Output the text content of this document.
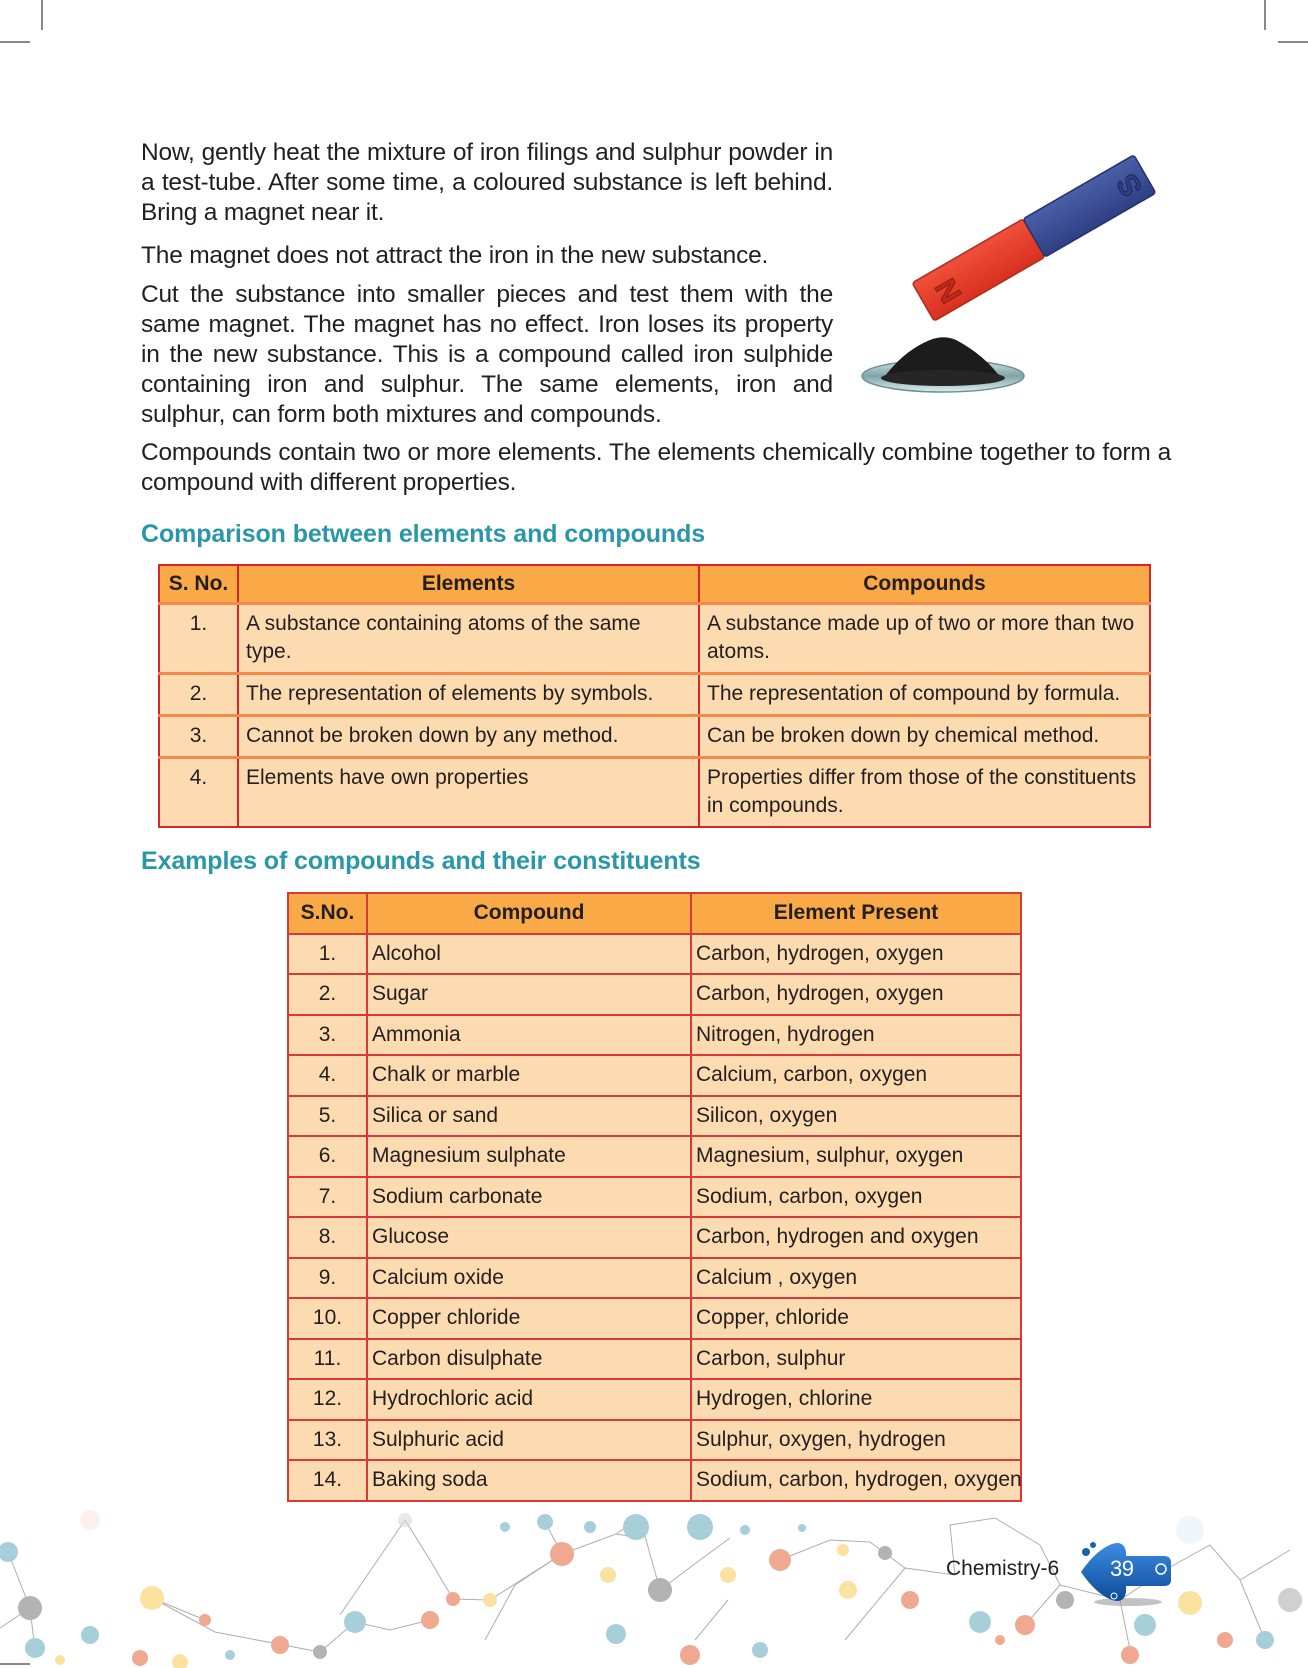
Now, gently heat the mixture of iron filings and sulphur powder in a test-tube. After some time, a coloured substance is left behind. Bring a magnet near it.

The magnet does not attract the iron in the new substance.

Cut the substance into smaller pieces and test them with the same magnet. The magnet has no effect. Iron loses its property in the new substance. This is a compound called iron sulphide containing iron and sulphur. The same elements, iron and sulphur, can form both mixtures and compounds.

Compounds contain two or more elements. The elements chemically combine together to form a compound with different properties.

N
S
Comparison between elements and compounds
S. No.	Elements	Compounds
1.	A substance containing atoms of the same type.	A substance made up of two or more than two atoms.
2.	The representation of elements by symbols.	The representation of compound by formula.
3.	Cannot be broken down by any method.	Can be broken down by chemical method.
4.	Elements have own properties	Properties differ from those of the constituents in compounds.
Examples of compounds and their constituents
S.No.	Compound	Element Present
1.	Alcohol	Carbon, hydrogen, oxygen
2.	Sugar	Carbon, hydrogen, oxygen
3.	Ammonia	Nitrogen, hydrogen
4.	Chalk or marble	Calcium, carbon, oxygen
5.	Silica or sand	Silicon, oxygen
6.	Magnesium sulphate	Magnesium, sulphur, oxygen
7.	Sodium carbonate	Sodium, carbon, oxygen
8.	Glucose	Carbon, hydrogen and oxygen
9.	Calcium oxide	Calcium , oxygen
10.	Copper chloride	Copper, chloride
11.	Carbon disulphate	Carbon, sulphur
12.	Hydrochloric acid	Hydrogen, chlorine
13.	Sulphuric acid	Sulphur, oxygen, hydrogen
14.	Baking soda	Sodium, carbon, hydrogen, oxygen
Chemistry-6 39
